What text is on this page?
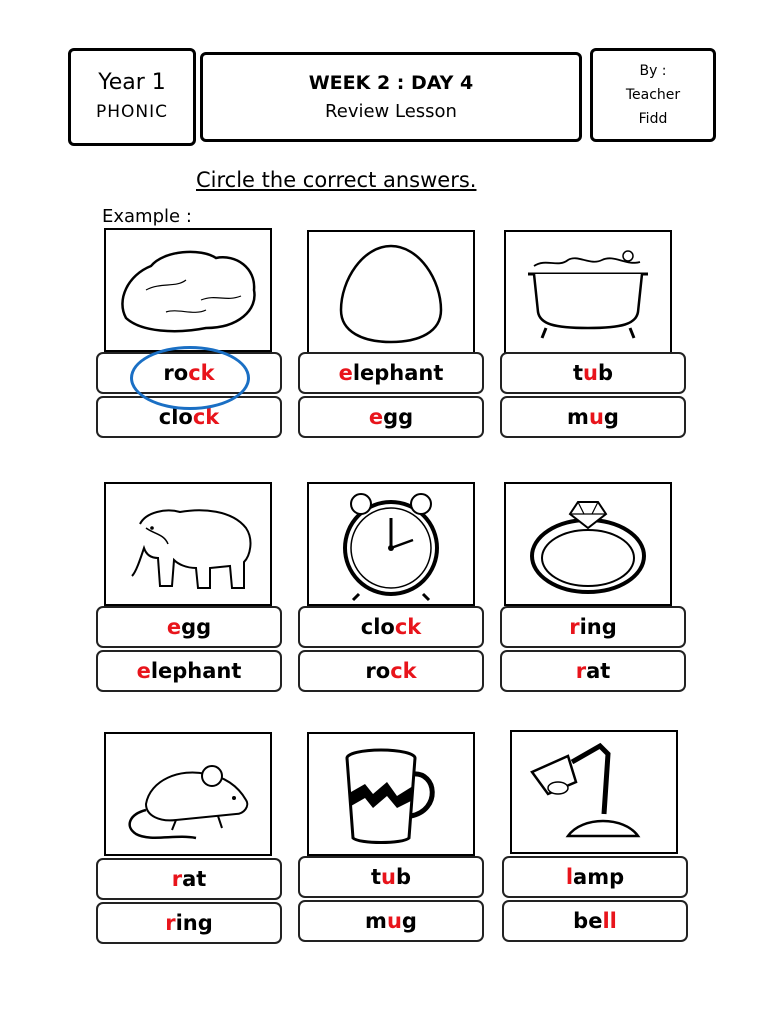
Year 1
PHONIC
WEEK 2 : DAY 4
Review Lesson
By :
Teacher
Fidd
Circle the correct answers.
Example :
ro ck
clo ck
e lephant
e gg
t u b
m u g
e gg
e lephant
clo ck
ro ck
r ing
r at
r at
r ing
t u b
m u g
l amp
be ll
